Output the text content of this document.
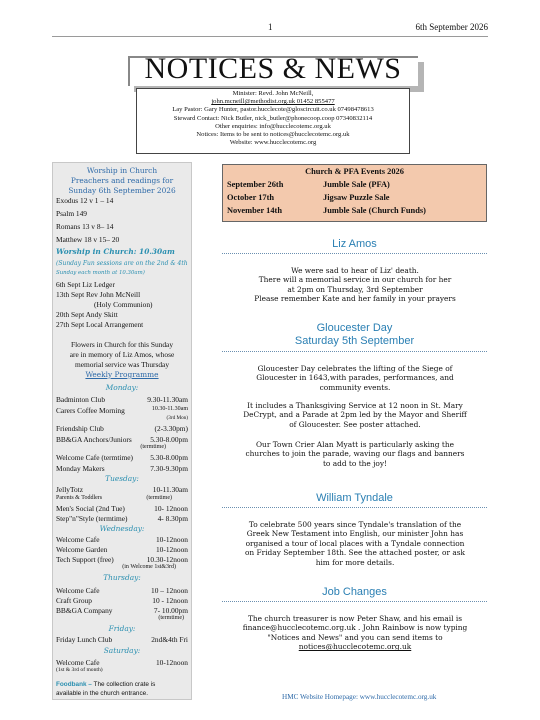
1	6th September 2026
NOTICES & NEWS
Minister: Revd. John McNeill,
john.mcneill@methodist.org.uk 01452 855477
Lay Pastor: Gary Hunter, pastor.hucclecote@gloscircuit.co.uk 07498478613
Steward Contact: Nick Butler, nick_butler@phonecoop.coop 07340832114
Other enquiries: info@hucclecotemc.org.uk
Notices: Items to be sent to notices@hucclecotemc.org.uk
Website: www.hucclecotemc.org
Worship in Church
Preachers and readings for
Sunday 6th September 2026
Exodus 12 v 1 – 14
Psalm 149
Romans 13 v 8– 14
Matthew 18 v 15– 20
Worship in Church: 10.30am
(Sunday Fun sessions are on the 2nd & 4th
Sunday each month at 10.30am)
6th Sept Liz Ledger
13th Sept Rev John McNeill
(Holy Communion)
20th Sept Andy Skitt
27th Sept Local Arrangement
Flowers in Church for this Sunday
are in memory of Liz Amos, whose
memorial service was Thursday
Weekly Programme
Monday:
Badminton Club	9.30-11.30am
Carers Coffee Morning	10.30-11.30am
(3rd Mon)
Friendship Club	(2-3.30pm)
BB&GA Anchors/Juniors 5.30-8.00pm
(termtime)
Welcome Cafe (termtime) 5.30-8.00pm
Monday Makers	7.30-9.30pm
Tuesday:
JellyTotz	10-11.30am
Parents & Toddlers	(termtime)
Men's Social (2nd Tue)	10- 12noon
Step"n"Style (termtime)	4- 8.30pm
Wednesday:
Welcome Cafe	10-12noon
Welcome Garden	10-12noon
Tech Support (free)	10.30-12noon
(in Welcome 1st&3rd)
Thursday:
Welcome Cafe	10 – 12noon
Craft Group	10 - 12noon
BB&GA Company	7- 10.00pm
(termtime)
Friday:
Friday Lunch Club	2nd&4th Fri
Saturday:
Welcome Cafe	10-12noon
(1st & 3rd of month)
Foodbank – The collection crate is
available in the church entrance.
Church & PFA Events 2026
September 26th	Jumble Sale (PFA)
October 17th	Jigsaw Puzzle Sale
November 14th	Jumble Sale (Church Funds)
Liz Amos
We were sad to hear of Liz' death.
There will a memorial service in our church for her
at 2pm on Thursday, 3rd September
Please remember Kate and her family in your prayers
Gloucester Day
Saturday 5th September
Gloucester Day celebrates the lifting of the Siege of
Gloucester in 1643,with parades, performances, and
community events.
It includes a Thanksgiving Service at 12 noon in St. Mary
DeCrypt, and a Parade at 2pm led by the Mayor and Sheriff
of Gloucester. See poster attached.
Our Town Crier Alan Myatt is particularly asking the
churches to join the parade, waving our flags and banners
to add to the joy!
William Tyndale
To celebrate 500 years since Tyndale's translation of the
Greek New Testament into English, our minister John has
organised a tour of local places with a Tyndale connection
on Friday September 18th. See the attached poster, or ask
him for more details.
Job Changes
The church treasurer is now Peter Shaw, and his email is
finance@hucclecotemc.org.uk . John Rainbow is now typing
"Notices and News" and you can send items to
notices@hucclecotemc.org.uk
HMC Website Homepage: www.hucclecotemc.org.uk
